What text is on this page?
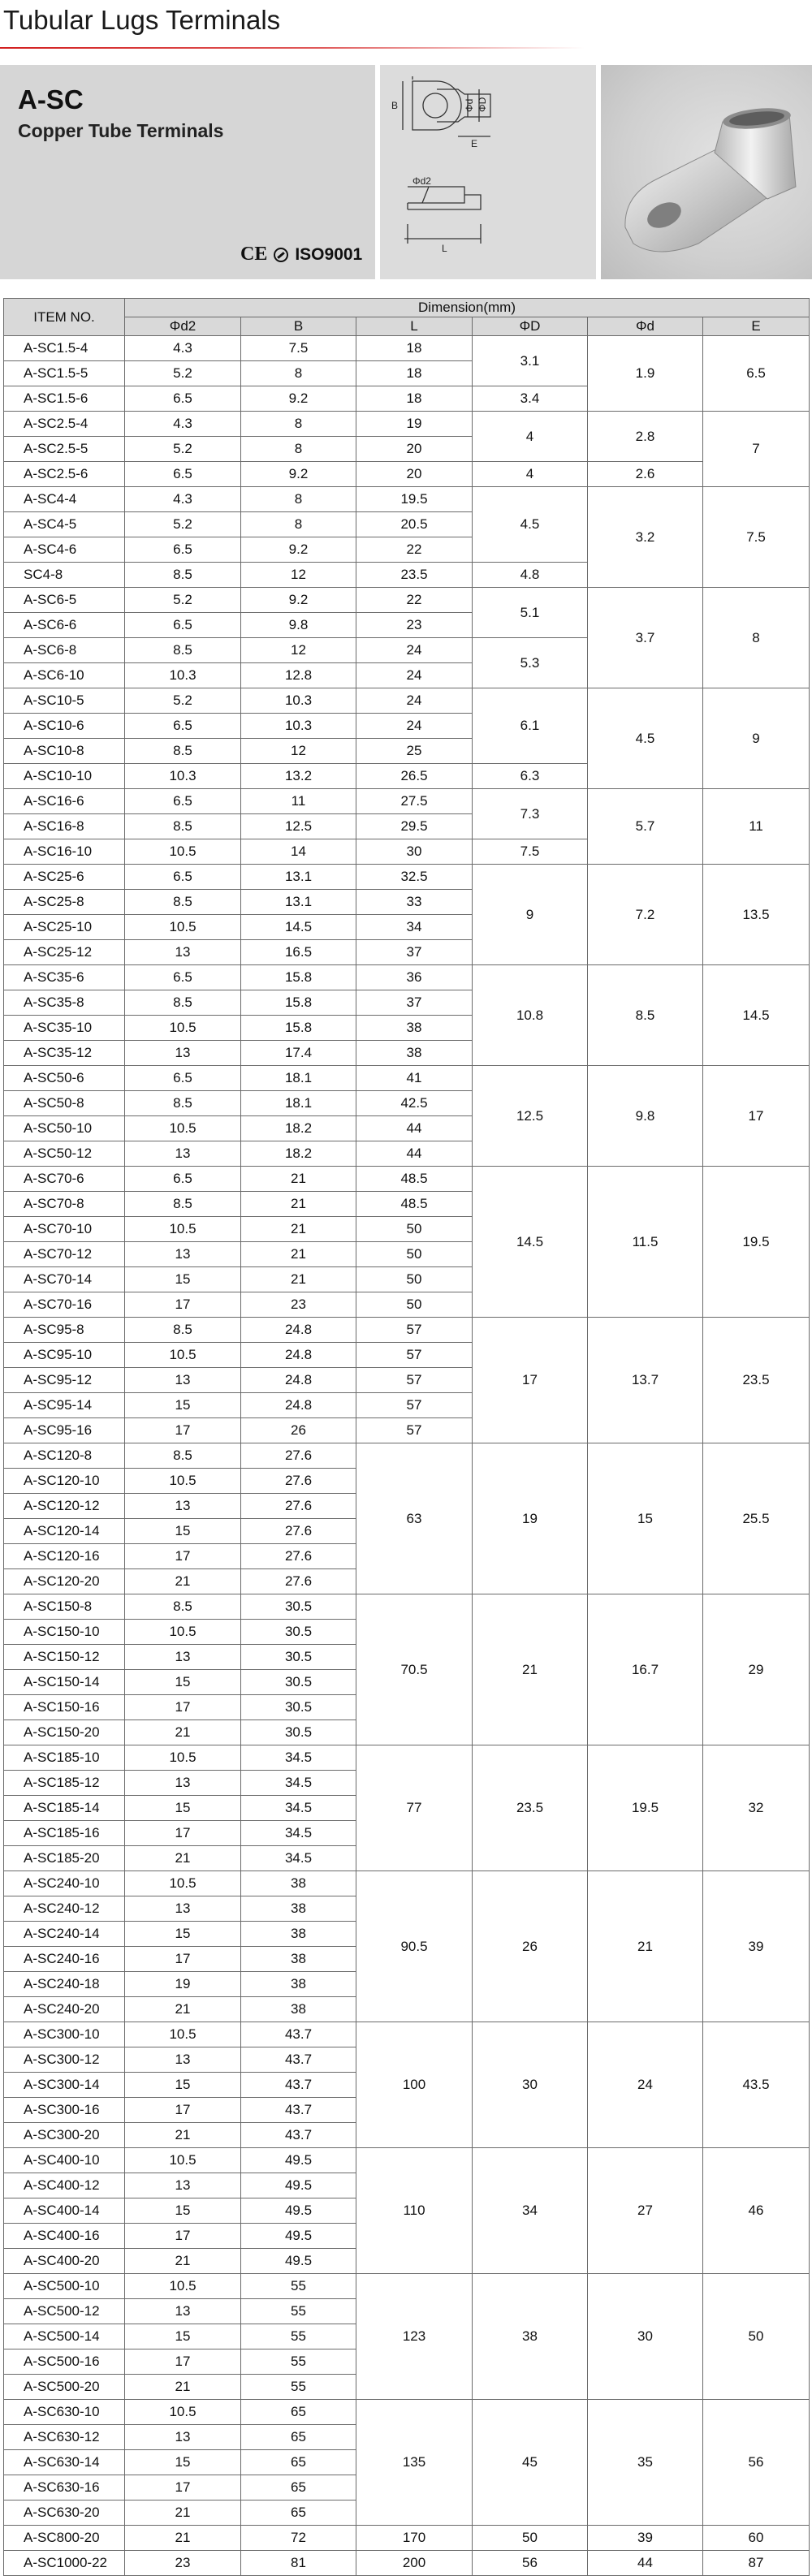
Tubular Lugs Terminals
A-SC
Copper Tube Terminals
CE ISO9001
B	Φd ΦD
E
Φd2
L
ITEM NO.	Dimension(mm)					
	Φd2	B	L	ΦD	Φd	E
A-SC1.5-4	4.3	7.5	18	3.1	1.9	6.5
A-SC1.5-5	5.2	8	18			
A-SC1.5-6	6.5	9.2	18	3.4		
A-SC2.5-4	4.3	8	19	4	2.8	7
A-SC2.5-5	5.2	8	20			
A-SC2.5-6	6.5	9.2	20	4	2.6	
A-SC4-4	4.3	8	19.5	4.5	3.2	7.5
A-SC4-5	5.2	8	20.5			
A-SC4-6	6.5	9.2	22			
SC4-8	8.5	12	23.5	4.8		
A-SC6-5	5.2	9.2	22	5.1	3.7	8
A-SC6-6	6.5	9.8	23			
A-SC6-8	8.5	12	24	5.3		
A-SC6-10	10.3	12.8	24			
A-SC10-5	5.2	10.3	24	6.1	4.5	9
A-SC10-6	6.5	10.3	24			
A-SC10-8	8.5	12	25			
A-SC10-10	10.3	13.2	26.5	6.3		
A-SC16-6	6.5	11	27.5	7.3	5.7	11
A-SC16-8	8.5	12.5	29.5			
A-SC16-10	10.5	14	30	7.5		
A-SC25-6	6.5	13.1	32.5	9	7.2	13.5
A-SC25-8	8.5	13.1	33			
A-SC25-10	10.5	14.5	34			
A-SC25-12	13	16.5	37			
A-SC35-6	6.5	15.8	36	10.8	8.5	14.5
A-SC35-8	8.5	15.8	37			
A-SC35-10	10.5	15.8	38			
A-SC35-12	13	17.4	38			
A-SC50-6	6.5	18.1	41	12.5	9.8	17
A-SC50-8	8.5	18.1	42.5			
A-SC50-10	10.5	18.2	44			
A-SC50-12	13	18.2	44			
A-SC70-6	6.5	21	48.5	14.5	11.5	19.5
A-SC70-8	8.5	21	48.5			
A-SC70-10	10.5	21	50			
A-SC70-12	13	21	50			
A-SC70-14	15	21	50			
A-SC70-16	17	23	50			
A-SC95-8	8.5	24.8	57	17	13.7	23.5
A-SC95-10	10.5	24.8	57			
A-SC95-12	13	24.8	57			
A-SC95-14	15	24.8	57			
A-SC95-16	17	26	57			
A-SC120-8	8.5	27.6	63	19	15	25.5
A-SC120-10	10.5	27.6				
A-SC120-12	13	27.6				
A-SC120-14	15	27.6				
A-SC120-16	17	27.6				
A-SC120-20	21	27.6				
A-SC150-8	8.5	30.5	70.5	21	16.7	29
A-SC150-10	10.5	30.5				
A-SC150-12	13	30.5				
A-SC150-14	15	30.5				
A-SC150-16	17	30.5				
A-SC150-20	21	30.5				
A-SC185-10	10.5	34.5	77	23.5	19.5	32
A-SC185-12	13	34.5				
A-SC185-14	15	34.5				
A-SC185-16	17	34.5				
A-SC185-20	21	34.5				
A-SC240-10	10.5	38	90.5	26	21	39
A-SC240-12	13	38				
A-SC240-14	15	38				
A-SC240-16	17	38				
A-SC240-18	19	38				
A-SC240-20	21	38				
A-SC300-10	10.5	43.7	100	30	24	43.5
A-SC300-12	13	43.7				
A-SC300-14	15	43.7				
A-SC300-16	17	43.7				
A-SC300-20	21	43.7				
A-SC400-10	10.5	49.5	110	34	27	46
A-SC400-12	13	49.5				
A-SC400-14	15	49.5				
A-SC400-16	17	49.5				
A-SC400-20	21	49.5				
A-SC500-10	10.5	55	123	38	30	50
A-SC500-12	13	55				
A-SC500-14	15	55				
A-SC500-16	17	55				
A-SC500-20	21	55				
A-SC630-10	10.5	65	135	45	35	56
A-SC630-12	13	65				
A-SC630-14	15	65				
A-SC630-16	17	65				
A-SC630-20	21	65				
A-SC800-20	21	72	170	50	39	60
A-SC1000-22	23	81	200	56	44	87
